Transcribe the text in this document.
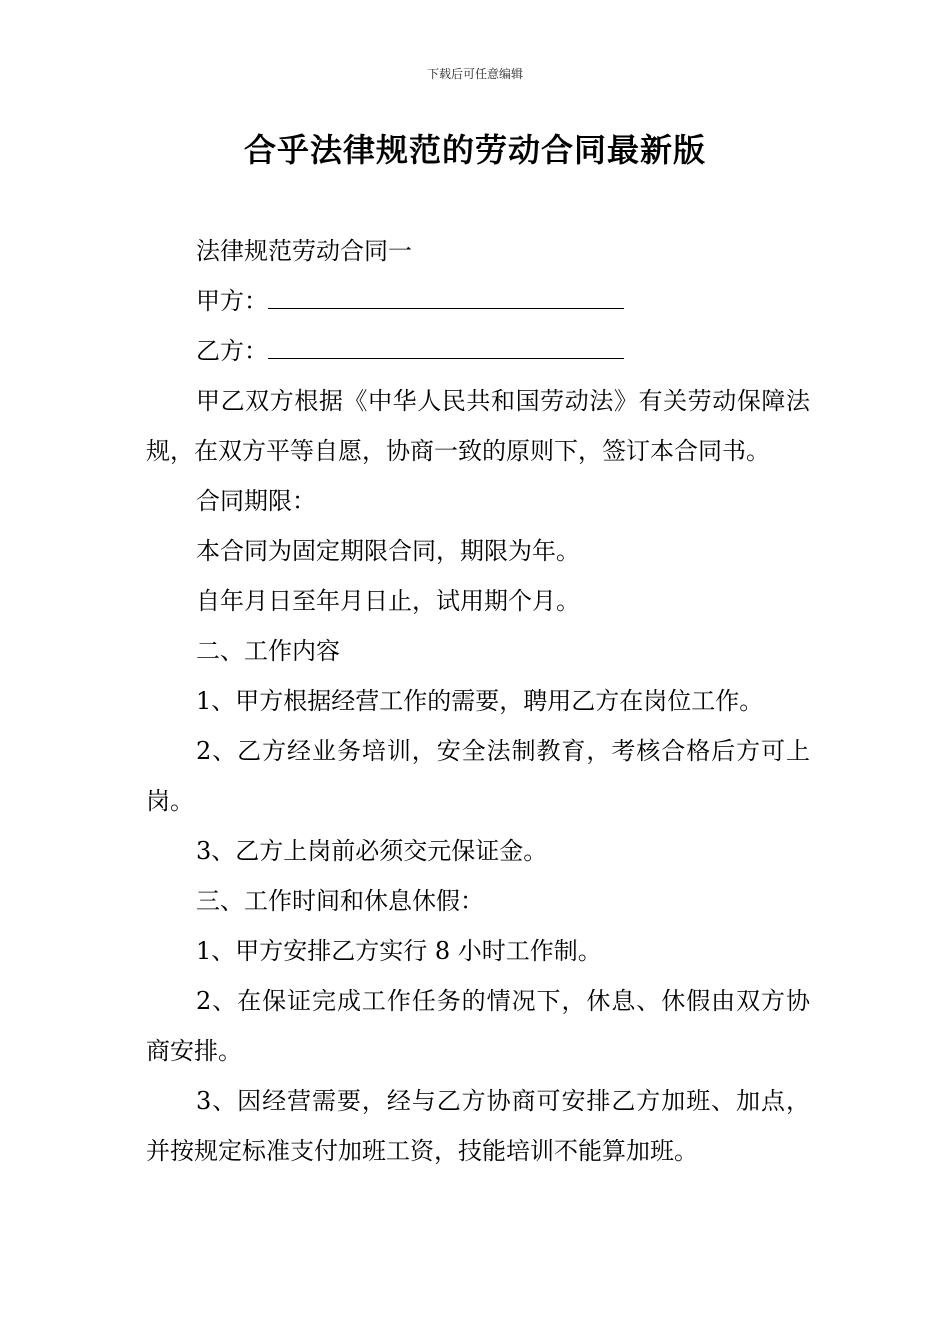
下载后可任意编辑
合乎法律规范的劳动合同最新版

法律规范劳动合同一

甲方：

乙方：

甲乙双方根据《中华人民共和国劳动法》有关劳动保障法规，在双方平等自愿，协商一致的原则下，签订本合同书。

合同期限：

本合同为固定期限合同，期限为年。

自年月日至年月日止，试用期个月。

二、工作内容

1、甲方根据经营工作的需要，聘用乙方在岗位工作。

2、乙方经业务培训，安全法制教育，考核合格后方可上岗。

3、乙方上岗前必须交元保证金。

三、工作时间和休息休假：

1、甲方安排乙方实行 8 小时工作制。

2、在保证完成工作任务的情况下，休息、休假由双方协商安排。

3、因经营需要，经与乙方协商可安排乙方加班、加点，并按规定标准支付加班工资，技能培训不能算加班。
